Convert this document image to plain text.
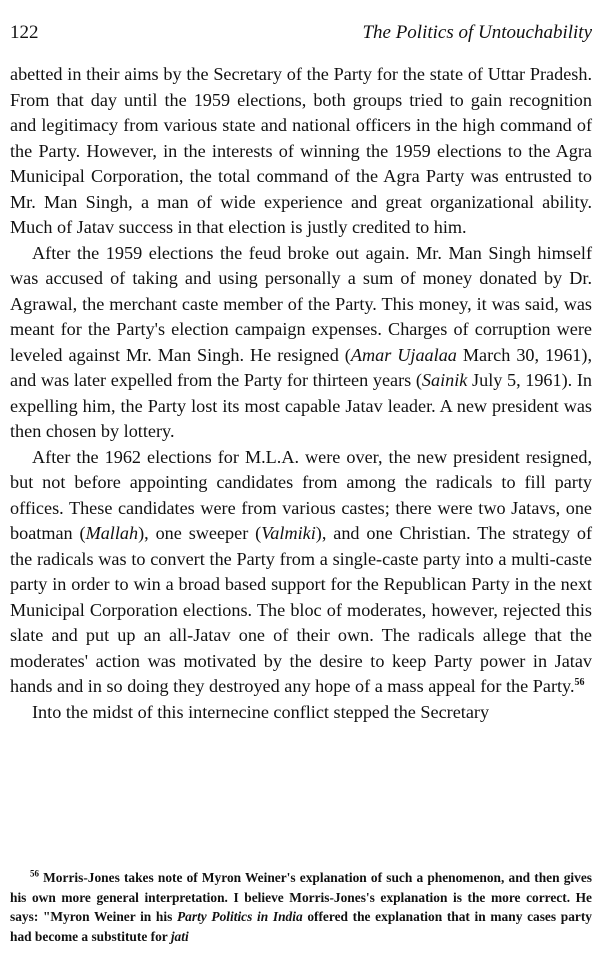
122	The Politics of Untouchability

abetted in their aims by the Secretary of the Party for the state of Uttar Pradesh. From that day until the 1959 elections, both groups tried to gain recognition and legitimacy from various state and national officers in the high command of the Party. However, in the interests of winning the 1959 elections to the Agra Municipal Corporation, the total command of the Agra Party was entrusted to Mr. Man Singh, a man of wide experience and great organizational ability. Much of Jatav success in that election is justly credited to him.

After the 1959 elections the feud broke out again. Mr. Man Singh himself was accused of taking and using personally a sum of money donated by Dr. Agrawal, the merchant caste member of the Party. This money, it was said, was meant for the Party's election campaign expenses. Charges of corruption were leveled against Mr. Man Singh. He resigned (Amar Ujaalaa March 30, 1961), and was later expelled from the Party for thirteen years (Sainik July 5, 1961). In expelling him, the Party lost its most capable Jatav leader. A new president was then chosen by lottery.

After the 1962 elections for M.L.A. were over, the new president resigned, but not before appointing candidates from among the radicals to fill party offices. These candidates were from various castes; there were two Jatavs, one boatman (Mallah), one sweeper (Valmiki), and one Christian. The strategy of the radicals was to convert the Party from a single-caste party into a multi-caste party in order to win a broad based support for the Republican Party in the next Municipal Corporation elections. The bloc of moderates, however, rejected this slate and put up an all-Jatav one of their own. The radicals allege that the moderates' action was motivated by the desire to keep Party power in Jatav hands and in so doing they destroyed any hope of a mass appeal for the Party.$^{56}$

Into the midst of this internecine conflict stepped the Secretary

$^{56}$ Morris-Jones takes note of Myron Weiner's explanation of such a phenomenon, and then gives his own more general interpretation. I believe Morris-Jones's explanation is the more correct. He says: "Myron Weiner in his Party Politics in India offered the explanation that in many cases party had become a substitute for jati
